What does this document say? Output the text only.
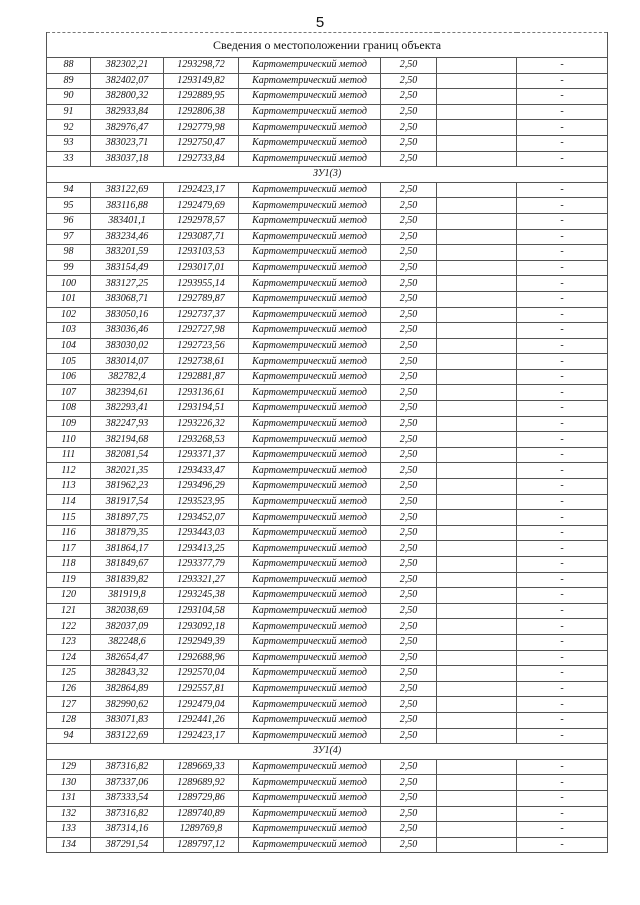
5
Сведения о местоположении границ объекта						
88	382302,21	1293298,72	Картометрический метод	2,50		-
89	382402,07	1293149,82	Картометрический метод	2,50		-
90	382800,32	1292889,95	Картометрический метод	2,50		-
91	382933,84	1292806,38	Картометрический метод	2,50		-
92	382976,47	1292779,98	Картометрический метод	2,50		-
93	383023,71	1292750,47	Картометрический метод	2,50		-
33	383037,18	1292733,84	Картометрический метод	2,50		-
ЗУ1(3)						
94	383122,69	1292423,17	Картометрический метод	2,50		-
95	383116,88	1292479,69	Картометрический метод	2,50		-
96	383401,1	1292978,57	Картометрический метод	2,50		-
97	383234,46	1293087,71	Картометрический метод	2,50		-
98	383201,59	1293103,53	Картометрический метод	2,50		-
99	383154,49	1293017,01	Картометрический метод	2,50		-
100	383127,25	1293955,14	Картометрический метод	2,50		-
101	383068,71	1292789,87	Картометрический метод	2,50		-
102	383050,16	1292737,37	Картометрический метод	2,50		-
103	383036,46	1292727,98	Картометрический метод	2,50		-
104	383030,02	1292723,56	Картометрический метод	2,50		-
105	383014,07	1292738,61	Картометрический метод	2,50		-
106	382782,4	1292881,87	Картометрический метод	2,50		-
107	382394,61	1293136,61	Картометрический метод	2,50		-
108	382293,41	1293194,51	Картометрический метод	2,50		-
109	382247,93	1293226,32	Картометрический метод	2,50		-
110	382194,68	1293268,53	Картометрический метод	2,50		-
111	382081,54	1293371,37	Картометрический метод	2,50		-
112	382021,35	1293433,47	Картометрический метод	2,50		-
113	381962,23	1293496,29	Картометрический метод	2,50		-
114	381917,54	1293523,95	Картометрический метод	2,50		-
115	381897,75	1293452,07	Картометрический метод	2,50		-
116	381879,35	1293443,03	Картометрический метод	2,50		-
117	381864,17	1293413,25	Картометрический метод	2,50		-
118	381849,67	1293377,79	Картометрический метод	2,50		-
119	381839,82	1293321,27	Картометрический метод	2,50		-
120	381919,8	1293245,38	Картометрический метод	2,50		-
121	382038,69	1293104,58	Картометрический метод	2,50		-
122	382037,09	1293092,18	Картометрический метод	2,50		-
123	382248,6	1292949,39	Картометрический метод	2,50		-
124	382654,47	1292688,96	Картометрический метод	2,50		-
125	382843,32	1292570,04	Картометрический метод	2,50		-
126	382864,89	1292557,81	Картометрический метод	2,50		-
127	382990,62	1292479,04	Картометрический метод	2,50		-
128	383071,83	1292441,26	Картометрический метод	2,50		-
94	383122,69	1292423,17	Картометрический метод	2,50		-
ЗУ1(4)						
129	387316,82	1289669,33	Картометрический метод	2,50		-
130	387337,06	1289689,92	Картометрический метод	2,50		-
131	387333,54	1289729,86	Картометрический метод	2,50		-
132	387316,82	1289740,89	Картометрический метод	2,50		-
133	387314,16	1289769,8	Картометрический метод	2,50		-
134	387291,54	1289797,12	Картометрический метод	2,50		-
